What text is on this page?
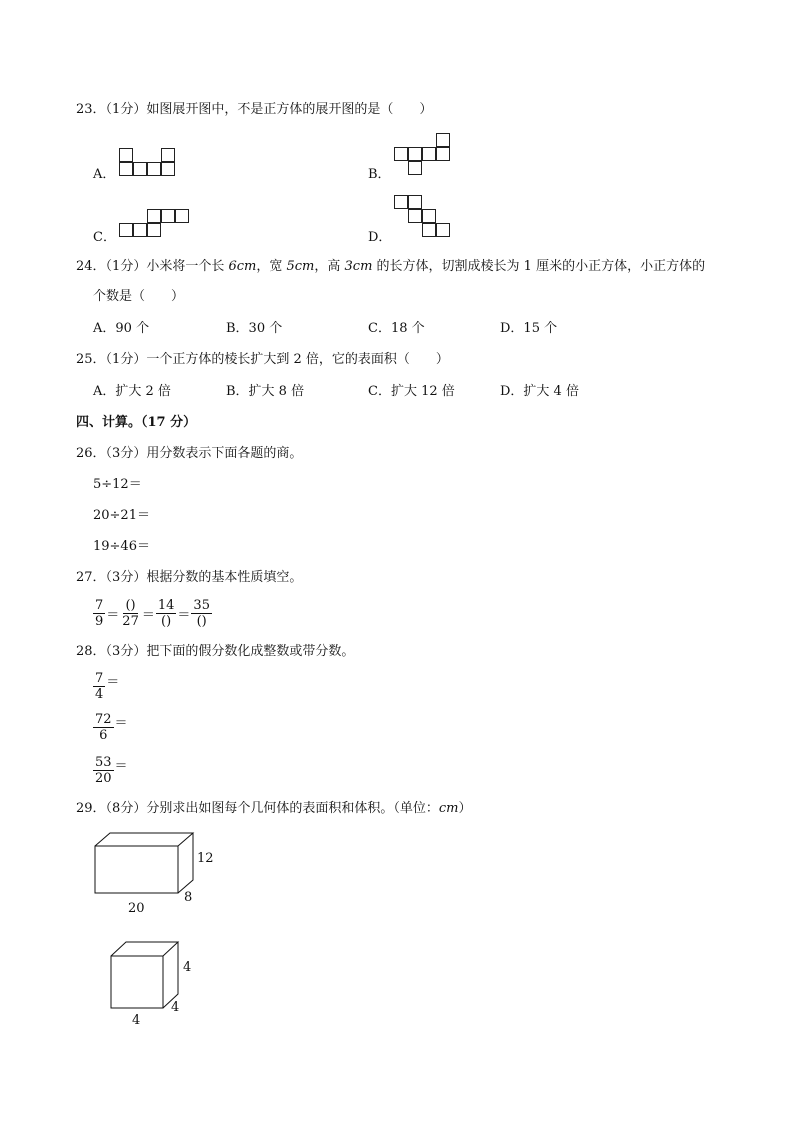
23．（1分）如图展开图中，不是正方体的展开图的是（　　）
A．	B．
C．	D．
24．（1分）小米将一个长 6cm，宽 5cm，高 3cm 的长方体，切割成棱长为 1 厘米的小正方体，小正方体的
个数是（　　）
A．90 个	B．30 个	C．18 个	D．15 个
25．（1分）一个正方体的棱长扩大到 2 倍，它的表面积（　　）
A．扩大 2 倍	B．扩大 8 倍	C．扩大 12 倍	D．扩大 4 倍
四、计算。（17 分）
26．（3分）用分数表示下面各题的商。
5÷12＝
20÷21＝
19÷46＝
27．（3分）根据分数的基本性质填空。
7
9 ＝
()
27 ＝
14
() ＝
35
()
28．（3分）把下面的假分数化成整数或带分数。
7
4
＝
72
6
＝
53
20
＝
29．（8分）分别求出如图每个几何体的表面积和体积。（单位：cm）
12
8
20
4
4
4
